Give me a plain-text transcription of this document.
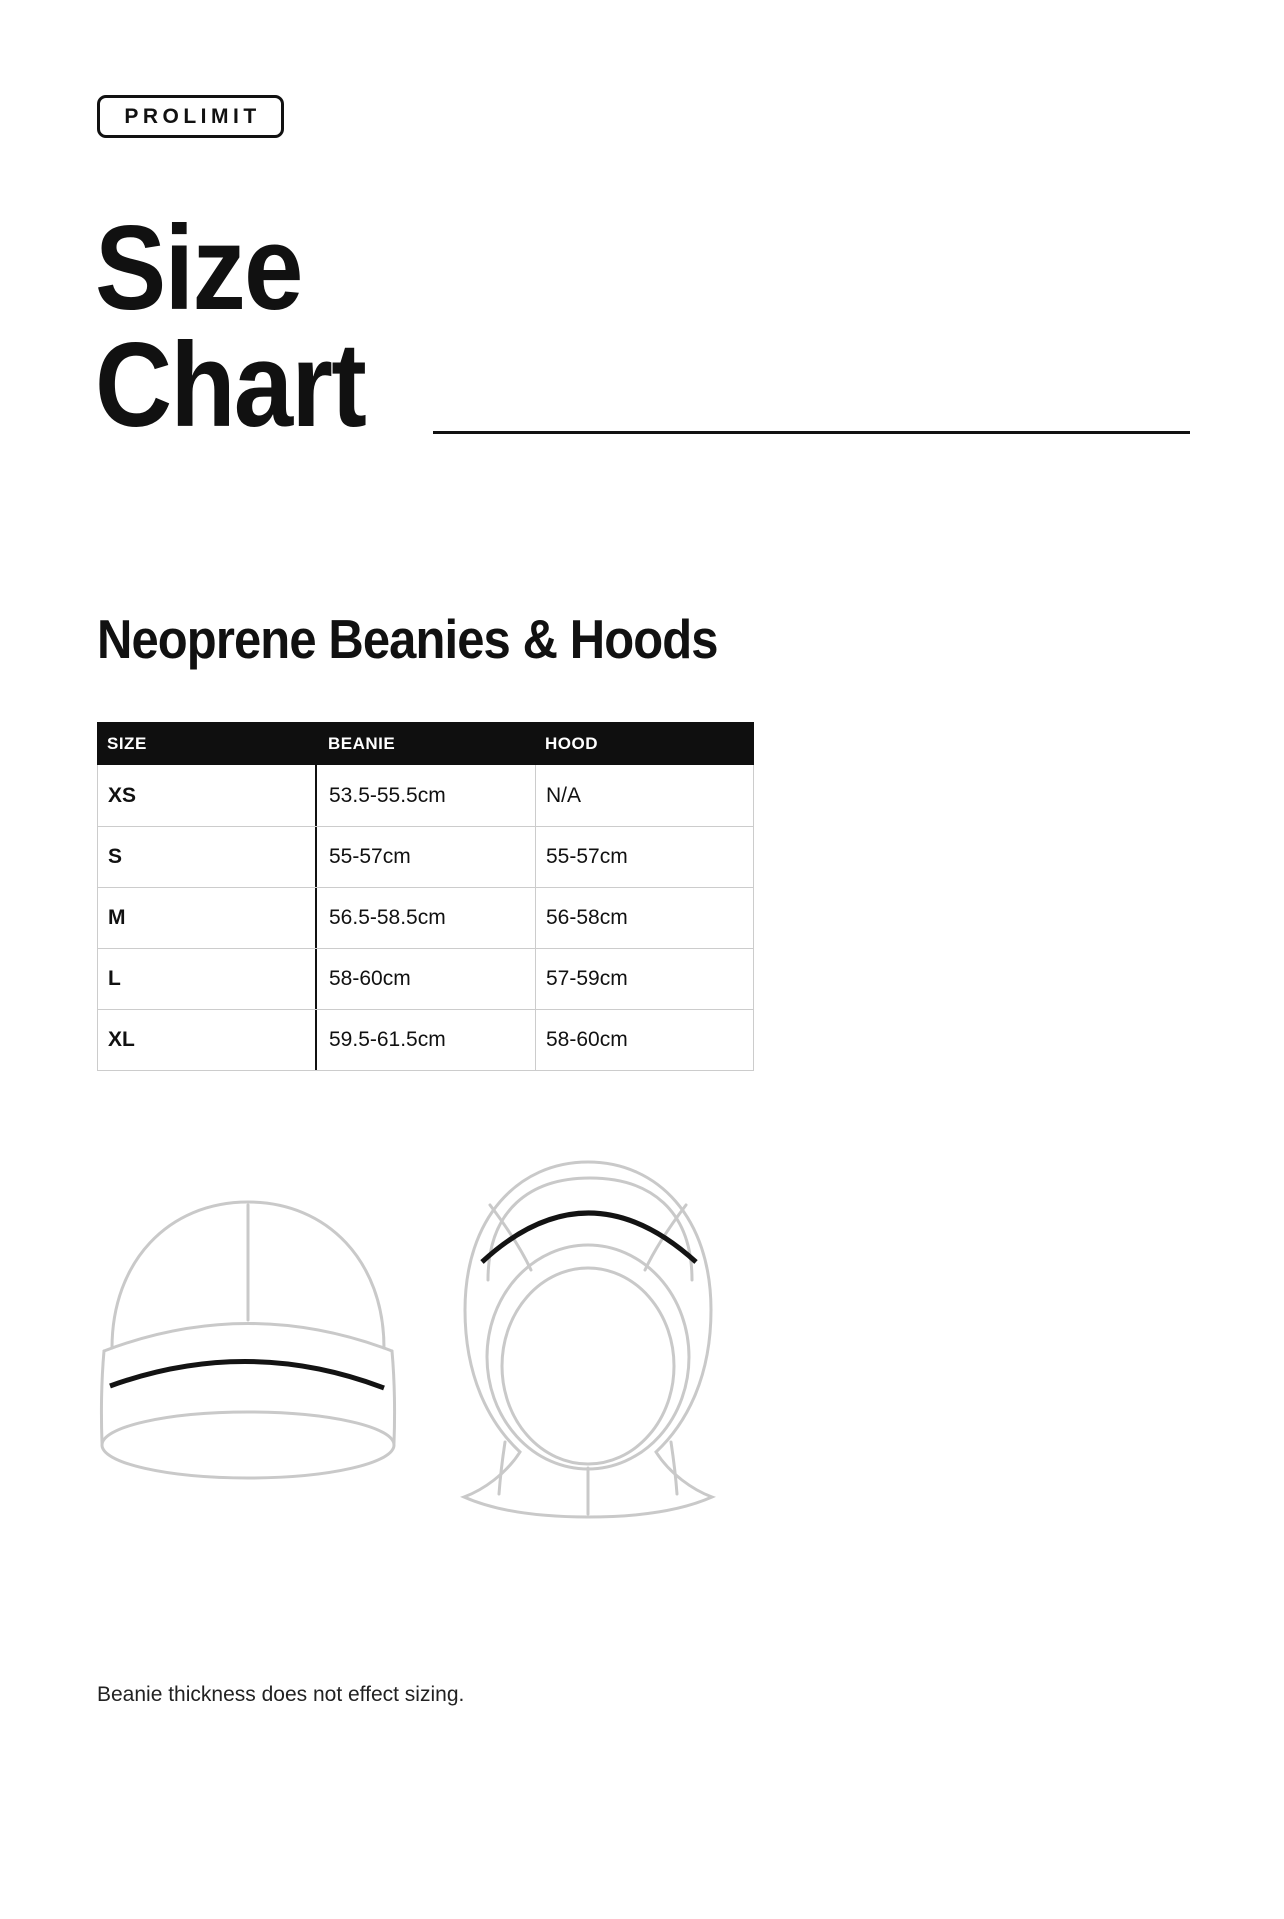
PROLIMIT
Size
Chart
Neoprene Beanies & Hoods
SIZE	BEANIE	HOOD
XS	53.5-55.5cm	N/A
S	55-57cm	55-57cm
M	56.5-58.5cm	56-58cm
L	58-60cm	57-59cm
XL	59.5-61.5cm	58-60cm
Beanie thickness does not effect sizing.
